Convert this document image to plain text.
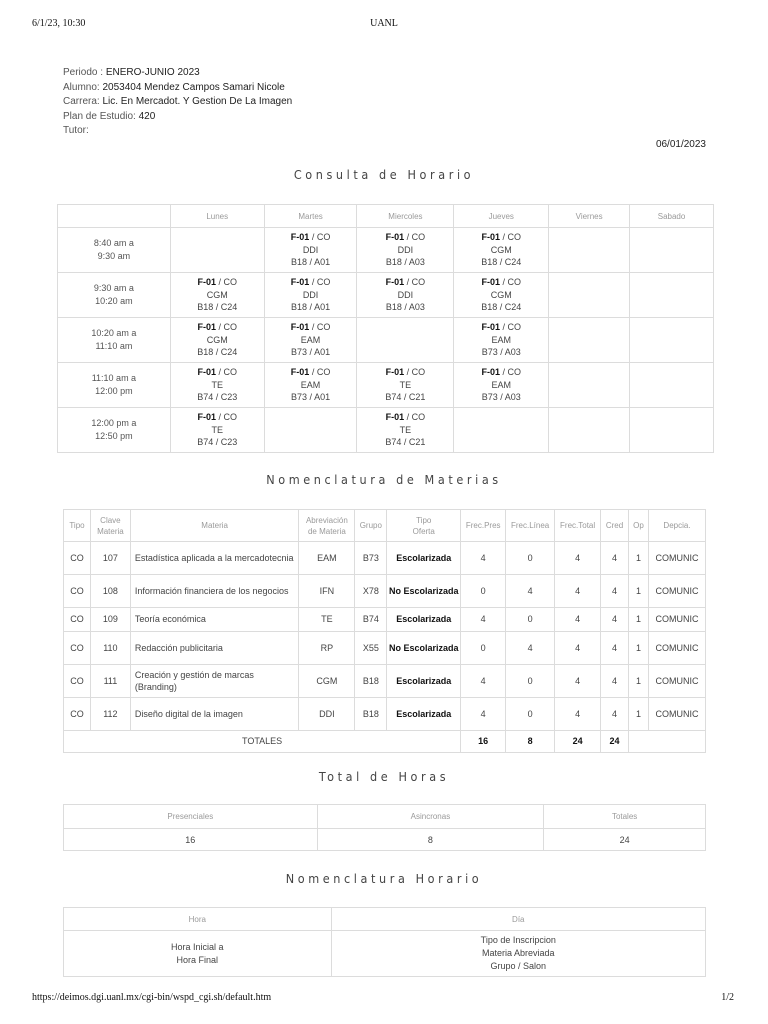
6/1/23, 10:30	UANL
Periodo : ENERO-JUNIO 2023
Alumno: 2053404 Mendez Campos Samari Nicole
Carrera: Lic. En Mercadot. Y Gestion De La Imagen
Plan de Estudio: 420
Tutor:
06/01/2023
Consulta de Horario
	Lunes	Martes	Miercoles	Jueves	Viernes	Sabado
8:40 am a
9:30 am		F-01 / CO
DDI
B18 / A01	F-01 / CO
DDI
B18 / A03	F-01 / CO
CGM
B18 / C24		
9:30 am a
10:20 am	F-01 / CO
CGM
B18 / C24	F-01 / CO
DDI
B18 / A01	F-01 / CO
DDI
B18 / A03	F-01 / CO
CGM
B18 / C24		
10:20 am a
11:10 am	F-01 / CO
CGM
B18 / C24	F-01 / CO
EAM
B73 / A01		F-01 / CO
EAM
B73 / A03		
11:10 am a
12:00 pm	F-01 / CO
TE
B74 / C23	F-01 / CO
EAM
B73 / A01	F-01 / CO
TE
B74 / C21	F-01 / CO
EAM
B73 / A03		
12:00 pm a
12:50 pm	F-01 / CO
TE
B74 / C23		F-01 / CO
TE
B74 / C21			
Nomenclatura de Materias
Tipo	Clave
Materia	Materia	Abreviación
de Materia	Grupo	Tipo
Oferta	Frec.Pres	Frec.Línea	Frec.Total	Cred	Op	Depcia.
CO	107	Estadística aplicada a la mercadotecnia	EAM	B73	Escolarizada	4	0	4	4	1	COMUNIC
CO	108	Información financiera de los negocios	IFN	X78	No Escolarizada	0	4	4	4	1	COMUNIC
CO	109	Teoría económica	TE	B74	Escolarizada	4	0	4	4	1	COMUNIC
CO	110	Redacción publicitaria	RP	X55	No Escolarizada	0	4	4	4	1	COMUNIC
CO	111	Creación y gestión de marcas (Branding)	CGM	B18	Escolarizada	4	0	4	4	1	COMUNIC
CO	112	Diseño digital de la imagen	DDI	B18	Escolarizada	4	0	4	4	1	COMUNIC
TOTALES						16	8	24	24		
Total de Horas
Presenciales	Asincronas	Totales
16	8	24
Nomenclatura Horario
Hora	Día
Hora Inicial a
Hora Final	Tipo de Inscripcion
Materia Abreviada
Grupo / Salon
https://deimos.dgi.uanl.mx/cgi-bin/wspd_cgi.sh/default.htm	1/2
